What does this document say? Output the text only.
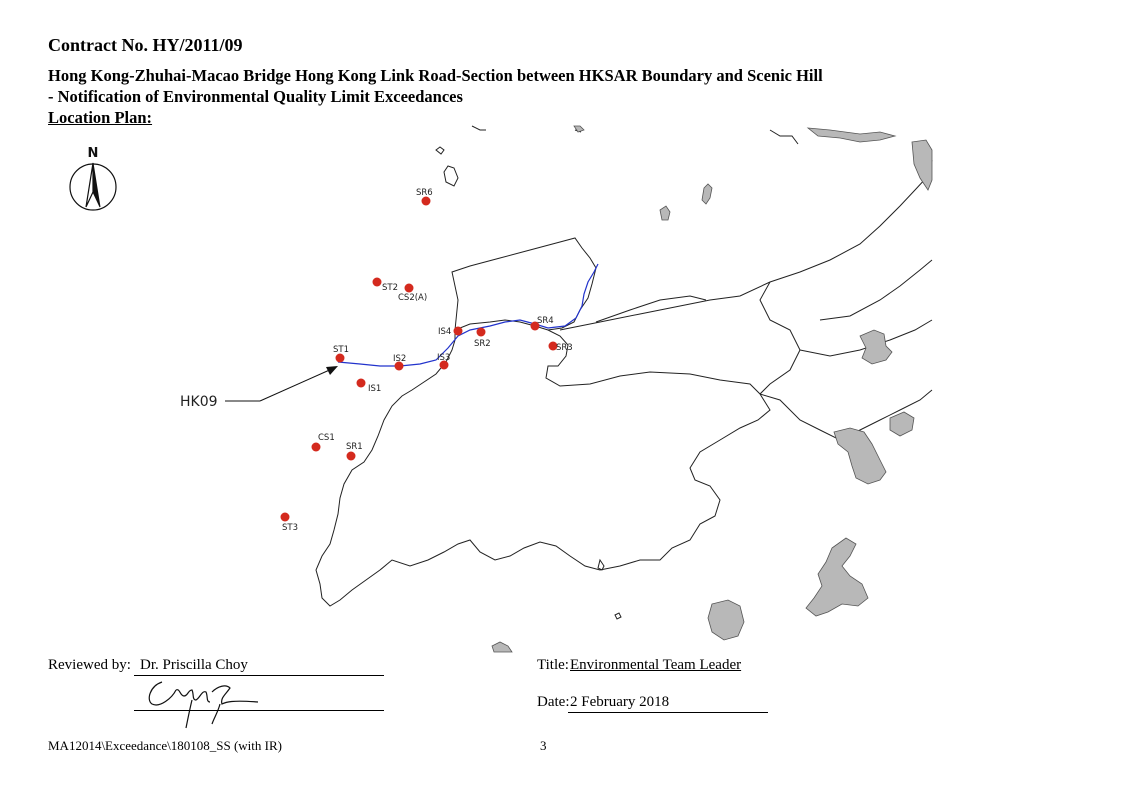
Contract No. HY/2011/09
Hong Kong-Zhuhai-Macao Bridge Hong Kong Link Road-Section between HKSAR Boundary and Scenic Hill
- Notification of Environmental Quality Limit Exceedances
Location Plan:
N
HK09
SR6
ST2
CS2(A)
IS4
SR2
SR4
SR3
ST1
IS2	IS3
IS1
CS1
SR1
ST3
Reviewed by: Dr. Priscilla Choy	Title: Environmental Team Leader
Date: 2 February 2018
MA12014\Exceedance\180108_SS (with IR)	3
